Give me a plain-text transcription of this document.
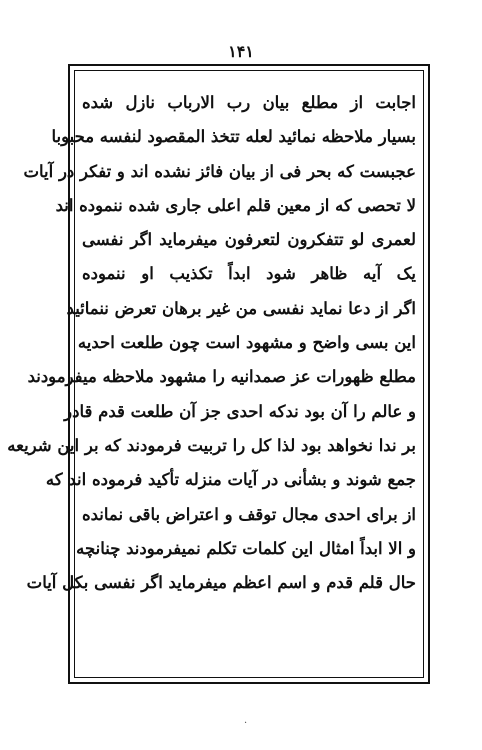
۱۴۱
اجابت از مطلع بیان رب الارباب نازل شده
بسیار ملاحظه نمائید لعله تتخذ المقصود لنفسه محبوبا
عجبست که بحر فی از بیان فائز نشده اند و تفکر در آیات
لا تحصی که از معین قلم اعلی جاری شده ننموده اند
لعمری لو تتفکرون لتعرفون میفرماید اگر نفسی
یک آیه ظاهر شود ابداً تکذیب او ننموده
اگر از دعا نماید نفسی من غیر برهان تعرض ننمائید
این بسی واضح و مشهود است چون طلعت احدیه
مطلع ظهورات عز صمدانیه را مشهود ملاحظه میفرمودند
و عالم را آن بود ندکه احدی جز آن طلعت قدم قادر
بر ندا نخواهد بود لذا کل را تربیت فرمودند که بر این شریعه
جمع شوند و بشأنی در آیات منزله تأکید فرموده اند که
از برای احدی مجال توقف و اعتراض باقی نمانده
و الا ابداً امثال این کلمات تکلم نمیفرمودند چنانچه
حال قلم قدم و اسم اعظم میفرماید اگر نفسی بکل آیات
·
